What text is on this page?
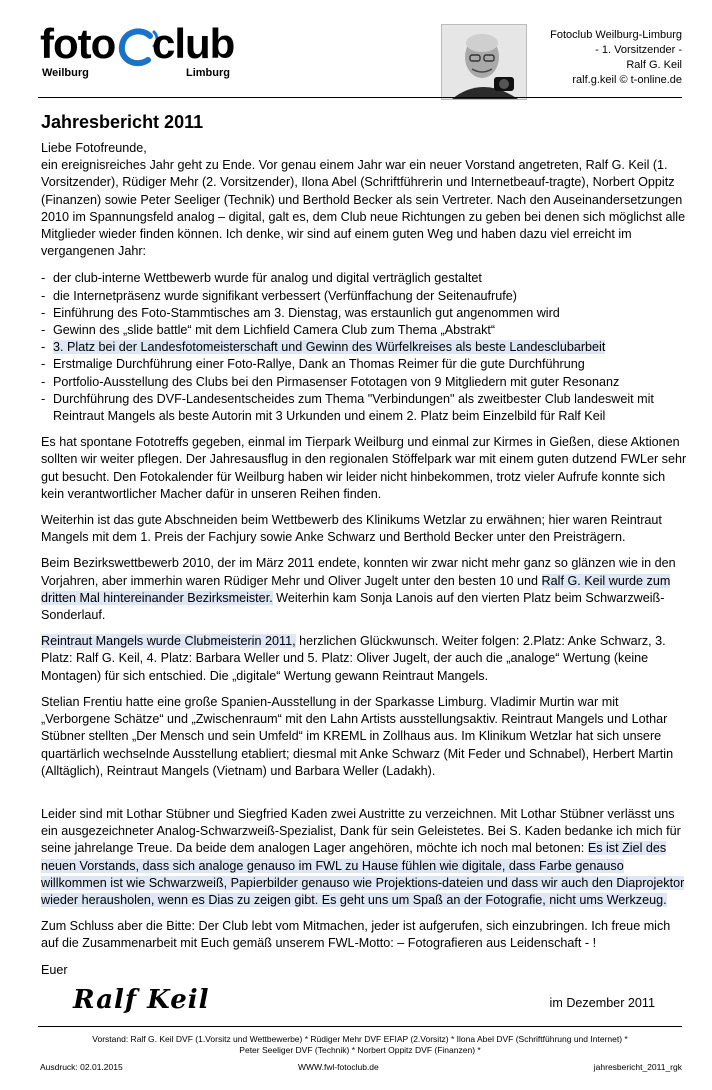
foto club
Weilburg	Limburg
Fotoclub Weilburg-Limburg
- 1. Vorsitzender -
Ralf G. Keil
ralf.g.keil © t-online.de
Jahresbericht 2011

Liebe Fotofreunde,

ein ereignisreiches Jahr geht zu Ende. Vor genau einem Jahr war ein neuer Vorstand angetreten, Ralf G. Keil (1. Vorsitzender), Rüdiger Mehr (2. Vorsitzender), Ilona Abel (Schriftführerin und Internetbeauf-tragte), Norbert Oppitz (Finanzen) sowie Peter Seeliger (Technik) und Berthold Becker als sein Vertreter. Nach den Auseinandersetzungen 2010 im Spannungsfeld analog – digital, galt es, dem Club neue Richtungen zu geben bei denen sich möglichst alle Mitglieder wieder finden können. Ich denke, wir sind auf einem guten Weg und haben dazu viel erreicht im vergangenen Jahr:

- der club-interne Wettbewerb wurde für analog und digital verträglich gestaltet
- die Internetpräsenz wurde signifikant verbessert (Verfünffachung der Seitenaufrufe)
- Einführung des Foto-Stammtisches am 3. Dienstag, was erstaunlich gut angenommen wird
- Gewinn des „slide battle“ mit dem Lichfield Camera Club zum Thema „Abstrakt“
- 3. Platz bei der Landesfotomeisterschaft und Gewinn des Würfelkreises als beste Landesclubarbeit
- Erstmalige Durchführung einer Foto-Rallye, Dank an Thomas Reimer für die gute Durchführung
- Portfolio-Ausstellung des Clubs bei den Pirmasenser Fototagen von 9 Mitgliedern mit guter Resonanz
- Durchführung des DVF-Landesentscheides zum Thema "Verbindungen" als zweitbester Club landesweit mit Reintraut Mangels als beste Autorin mit 3 Urkunden und einem 2. Platz beim Einzelbild für Ralf Keil

Es hat spontane Fototreffs gegeben, einmal im Tierpark Weilburg und einmal zur Kirmes in Gießen, diese Aktionen sollten wir weiter pflegen. Der Jahresausflug in den regionalen Stöffelpark war mit einem guten dutzend FWLer sehr gut besucht. Den Fotokalender für Weilburg haben wir leider nicht hinbekommen, trotz vieler Aufrufe konnte sich kein verantwortlicher Macher dafür in unseren Reihen finden.

Weiterhin ist das gute Abschneiden beim Wettbewerb des Klinikums Wetzlar zu erwähnen; hier waren Reintraut Mangels mit dem 1. Preis der Fachjury sowie Anke Schwarz und Berthold Becker unter den Preisträgern.

Beim Bezirkswettbewerb 2010, der im März 2011 endete, konnten wir zwar nicht mehr ganz so glänzen wie in den Vorjahren, aber immerhin waren Rüdiger Mehr und Oliver Jugelt unter den besten 10 und Ralf G. Keil wurde zum dritten Mal hintereinander Bezirksmeister. Weiterhin kam Sonja Lanois auf den vierten Platz beim Schwarzweiß-Sonderlauf.

Reintraut Mangels wurde Clubmeisterin 2011, herzlichen Glückwunsch. Weiter folgen: 2.Platz: Anke Schwarz, 3. Platz: Ralf G. Keil, 4. Platz: Barbara Weller und 5. Platz: Oliver Jugelt, der auch die „analoge“ Wertung (keine Montagen) für sich entschied. Die „digitale“ Wertung gewann Reintraut Mangels.

Stelian Frentiu hatte eine große Spanien-Ausstellung in der Sparkasse Limburg. Vladimir Murtin war mit „Verborgene Schätze“ und „Zwischenraum“ mit den Lahn Artists ausstellungsaktiv. Reintraut Mangels und Lothar Stübner stellten „Der Mensch und sein Umfeld“ im KREML in Zollhaus aus. Im Klinikum Wetzlar hat sich unsere quartärlich wechselnde Ausstellung etabliert; diesmal mit Anke Schwarz (Mit Feder und Schnabel), Herbert Martin (Alltäglich), Reintraut Mangels (Vietnam) und Barbara Weller (Ladakh).

Leider sind mit Lothar Stübner und Siegfried Kaden zwei Austritte zu verzeichnen. Mit Lothar Stübner verlässt uns ein ausgezeichneter Analog-Schwarzweiß-Spezialist, Dank für sein Geleistetes. Bei S. Kaden bedanke ich mich für seine jahrelange Treue. Da beide dem analogen Lager angehören, möchte ich noch mal betonen: Es ist Ziel des neuen Vorstands, dass sich analoge genauso im FWL zu Hause fühlen wie digitale, dass Farbe genauso willkommen ist wie Schwarzweiß, Papierbilder genauso wie Projektions-dateien und dass wir auch den Diaprojektor wieder herausholen, wenn es Dias zu zeigen gibt. Es geht uns um Spaß an der Fotografie, nicht ums Werkzeug.

Zum Schluss aber die Bitte: Der Club lebt vom Mitmachen, jeder ist aufgerufen, sich einzubringen. Ich freue mich auf die Zusammenarbeit mit Euch gemäß unserem FWL-Motto: – Fotografieren aus Leidenschaft - !

Euer

Ralf Keil	im Dezember 2011
Vorstand: Ralf G. Keil DVF (1.Vorsitz und Wettbewerbe) * Rüdiger Mehr DVF EFIAP (2.Vorsitz) * Ilona Abel DVF (Schriftführung und Internet) *
Peter Seeliger DVF (Technik) * Norbert Oppitz DVF (Finanzen) *
Ausdruck: 02.01.2015	WWW.fwl-fotoclub.de	jahresbericht_2011_rgk
